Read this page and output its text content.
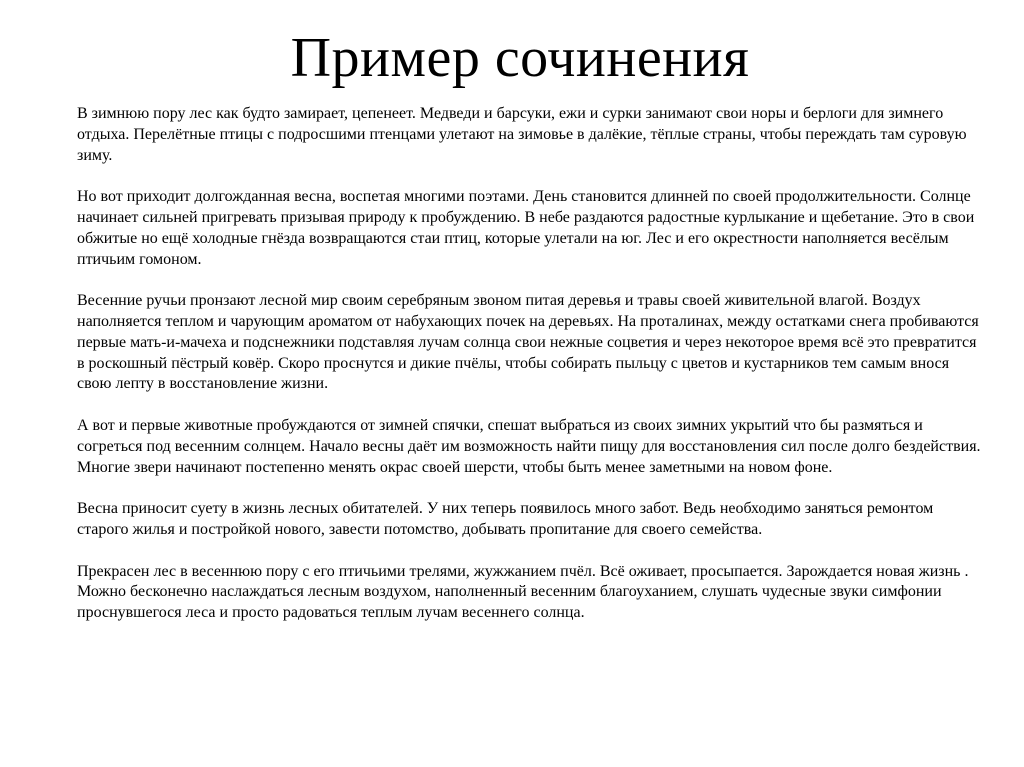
Пример сочинения

В зимнюю пору лес как будто замирает, цепенеет. Медведи и барсуки, ежи и сурки занимают свои норы и берлоги для зимнего отдыха. Перелётные птицы с подросшими птенцами улетают на зимовье в далёкие, тёплые страны, чтобы переждать там суровую зиму.

Но вот приходит долгожданная весна, воспетая многими поэтами. День становится длинней по своей продолжительности. Солнце начинает сильней пригревать призывая природу к пробуждению. В небе раздаются радостные курлыкание и щебетание. Это в свои обжитые но ещё холодные гнёзда возвращаются стаи птиц, которые улетали на юг. Лес и его окрестности наполняется весёлым птичьим гомоном.

Весенние ручьи пронзают лесной мир своим серебряным звоном питая деревья и травы своей живительной влагой. Воздух наполняется теплом и чарующим ароматом от набухающих почек на деревьях. На проталинах, между остатками снега пробиваются первые мать-и-мачеха и подснежники подставляя лучам солнца свои нежные соцветия и через некоторое время всё это превратится в роскошный пёстрый ковёр. Скоро проснутся и дикие пчёлы, чтобы собирать пыльцу с цветов и кустарников тем самым внося свою лепту в восстановление жизни.

А вот и первые животные пробуждаются от зимней спячки, спешат выбраться из своих зимних укрытий что бы размяться и согреться под весенним солнцем. Начало весны даёт им возможность найти пищу для восстановления сил после долго бездействия. Многие звери начинают постепенно менять окрас своей шерсти, чтобы быть менее заметными на новом фоне.

Весна приносит суету в жизнь лесных обитателей. У них теперь появилось много забот. Ведь необходимо заняться ремонтом старого жилья и постройкой нового, завести потомство, добывать пропитание для своего семейства.

Прекрасен лес в весеннюю пору с его птичьими трелями, жужжанием пчёл. Всё оживает, просыпается. Зарождается новая жизнь . Можно бесконечно наслаждаться лесным воздухом, наполненный весенним благоуханием, слушать чудесные звуки симфонии проснувшегося леса и просто радоваться теплым лучам весеннего солнца.
